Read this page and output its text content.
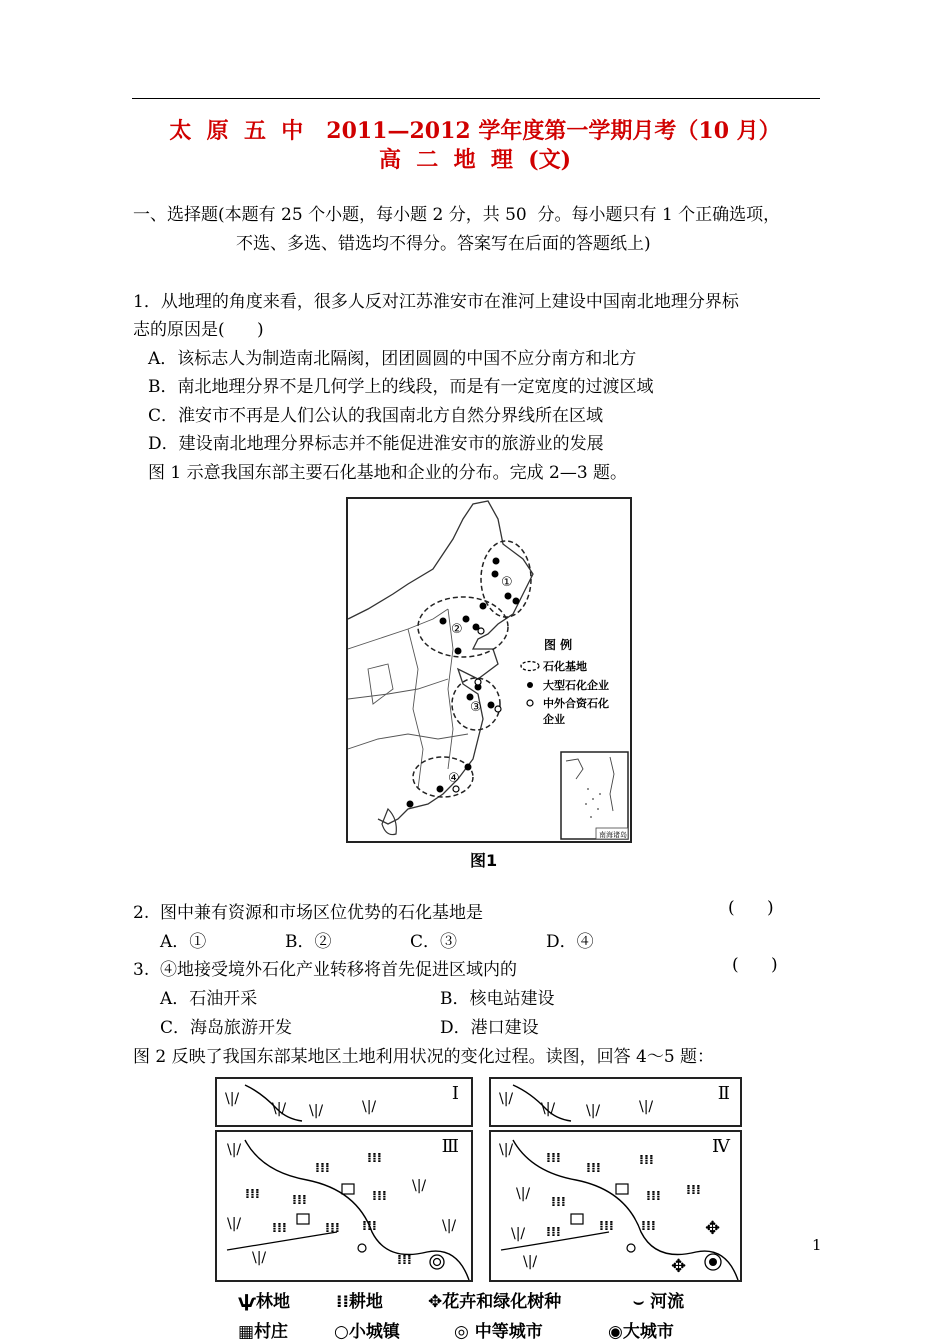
太  原  五  中   2011—2012 学年度第一学期月考（10 月）
高  二  地  理  (文)
一、选择题(本题有 25 个小题，每小题 2 分，共 50  分。每小题只有 1 个正确选项，
不选、多选、错选均不得分。答案写在后面的答题纸上)
1．从地理的角度来看，很多人反对江苏淮安市在淮河上建设中国南北地理分界标
志的原因是(      )
A．该标志人为制造南北隔阂，团团圆圆的中国不应分南方和北方
B．南北地理分界不是几何学上的线段，而是有一定宽度的过渡区域
C．淮安市不再是人们公认的我国南北方自然分界线所在区域
D．建设南北地理分界标志并不能促进淮安市的旅游业的发展
图 1 示意我国东部主要石化基地和企业的分布。完成 2—3 题。
①
②
③
④
图 例
石化基地
大型石化企业
中外合资石化
企业
南海诸岛
图1
2.  图中兼有资源和市场区位优势的石化基地是	(      )
A．①	B．②	C．③	D．④
3.  ④地接受境外石化产业转移将首先促进区域内的	(      )
A．石油开采	B．核电站建设
C．海岛旅游开发	D．港口建设
图 2 反映了我国东部某地区土地利用状况的变化过程。读图，回答 4～5 题：
\|/
\|/ \|/	\|/
Ⅰ	\|/
\|/ \|/	\|/
Ⅱ
\|/
\|/
\|/
\|/
\|/
⁞⁞⁞
⁞⁞⁞
⁞⁞⁞ ⁞⁞⁞	⁞⁞⁞
⁞⁞⁞	⁞⁞⁞ ⁞⁞⁞
⁞⁞⁞
Ⅲ	\|/
\|/
\|/
\|/
⁞⁞⁞
⁞⁞⁞
⁞⁞⁞
⁞⁞⁞	⁞⁞⁞ ⁞⁞⁞
⁞⁞⁞	⁞⁞⁞ ⁞⁞⁞	✥
✥
Ⅳ
ѱ林地	⁞⁞耕地	✥花卉和绿化树种	⌣ 河流
▦村庄	○小城镇	◎ 中等城市	◉大城市
1
